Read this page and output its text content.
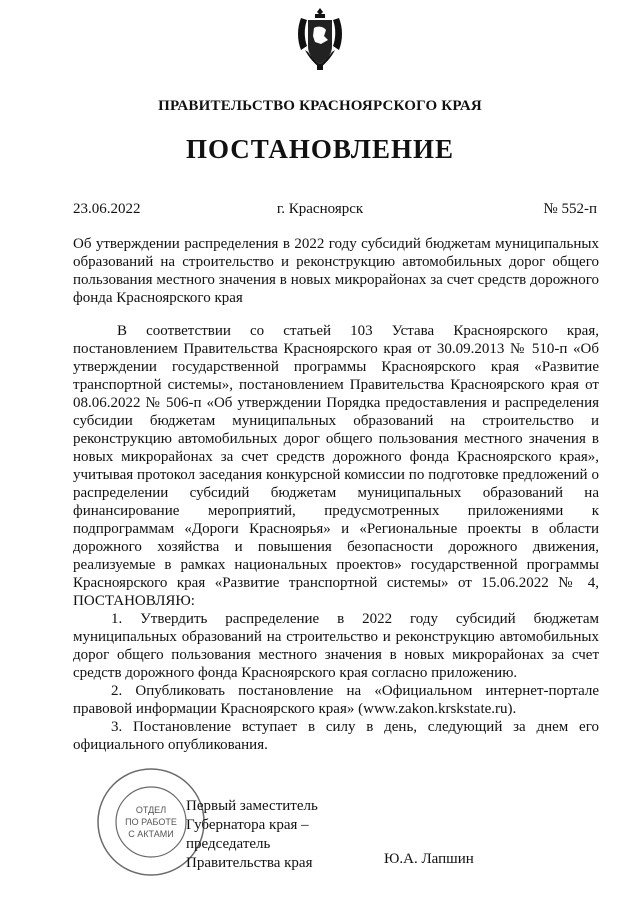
ПРАВИТЕЛЬСТВО КРАСНОЯРСКОГО КРАЯ
ПОСТАНОВЛЕНИЕ
23.06.2022	г. Красноярск	№ 552-п
Об утверждении распределения в 2022 году субсидий бюджетам муниципальных образований на строительство и реконструкцию автомобильных дорог общего пользования местного значения в новых микрорайонах за счет средств дорожного фонда Красноярского края

В соответствии со статьей 103 Устава Красноярского края, постановлением Правительства Красноярского края от 30.09.2013 № 510-п «Об утверждении государственной программы Красноярского края «Развитие транспортной системы», постановлением Правительства Красноярского края от 08.06.2022 № 506-п «Об утверждении Порядка предоставления и распределения субсидии бюджетам муниципальных образований на строительство и реконструкцию автомобильных дорог общего пользования местного значения в новых микрорайонах за счет средств дорожного фонда Красноярского края», учитывая протокол заседания конкурсной комиссии по подготовке предложений о распределении субсидий бюджетам муниципальных образований на финансирование мероприятий, предусмотренных приложениями к подпрограммам «Дороги Красноярья» и «Региональные проекты в области дорожного хозяйства и повышения безопасности дорожного движения, реализуемые в рамках национальных проектов» государственной программы Красноярского края «Развитие транспортной системы» от 15.06.2022 № 4, ПОСТАНОВЛЯЮ:

1. Утвердить распределение в 2022 году субсидий бюджетам муниципальных образований на строительство и реконструкцию автомобильных дорог общего пользования местного значения в новых микрорайонах за счет средств дорожного фонда Красноярского края согласно приложению.

2. Опубликовать постановление на «Официальном интернет-портале правовой информации Красноярского края» (www.zakon.krskstate.ru).

3. Постановление вступает в силу в день, следующий за днем его официального опубликования.

ОТДЕЛ
ПО РАБОТЕ
С АКТАМИ
Первый заместитель
Губернатора края –
председатель
Правительства края	Ю.А. Лапшин
